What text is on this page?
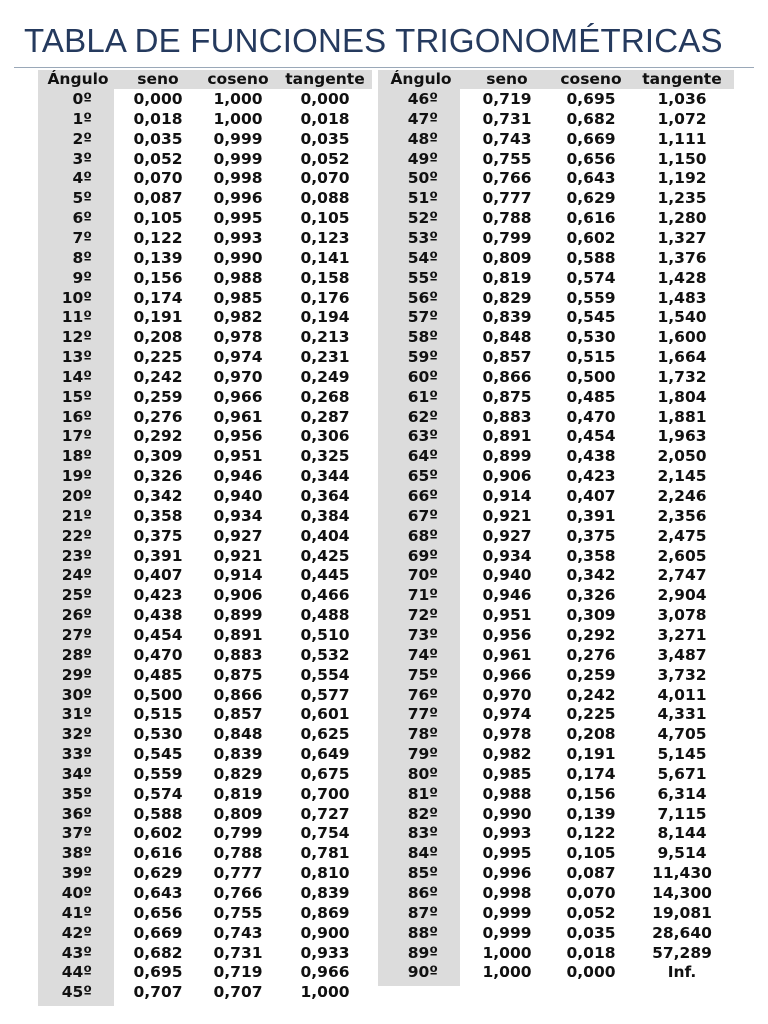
TABLA DE FUNCIONES TRIGONOMÉTRICAS
Ángulo	seno	coseno	tangente
0º	0,000	1,000	0,000
1º	0,018	1,000	0,018
2º	0,035	0,999	0,035
3º	0,052	0,999	0,052
4º	0,070	0,998	0,070
5º	0,087	0,996	0,088
6º	0,105	0,995	0,105
7º	0,122	0,993	0,123
8º	0,139	0,990	0,141
9º	0,156	0,988	0,158
10º	0,174	0,985	0,176
11º	0,191	0,982	0,194
12º	0,208	0,978	0,213
13º	0,225	0,974	0,231
14º	0,242	0,970	0,249
15º	0,259	0,966	0,268
16º	0,276	0,961	0,287
17º	0,292	0,956	0,306
18º	0,309	0,951	0,325
19º	0,326	0,946	0,344
20º	0,342	0,940	0,364
21º	0,358	0,934	0,384
22º	0,375	0,927	0,404
23º	0,391	0,921	0,425
24º	0,407	0,914	0,445
25º	0,423	0,906	0,466
26º	0,438	0,899	0,488
27º	0,454	0,891	0,510
28º	0,470	0,883	0,532
29º	0,485	0,875	0,554
30º	0,500	0,866	0,577
31º	0,515	0,857	0,601
32º	0,530	0,848	0,625
33º	0,545	0,839	0,649
34º	0,559	0,829	0,675
35º	0,574	0,819	0,700
36º	0,588	0,809	0,727
37º	0,602	0,799	0,754
38º	0,616	0,788	0,781
39º	0,629	0,777	0,810
40º	0,643	0,766	0,839
41º	0,656	0,755	0,869
42º	0,669	0,743	0,900
43º	0,682	0,731	0,933
44º	0,695	0,719	0,966
45º	0,707	0,707	1,000
Ángulo	seno	coseno	tangente
46º	0,719	0,695	1,036
47º	0,731	0,682	1,072
48º	0,743	0,669	1,111
49º	0,755	0,656	1,150
50º	0,766	0,643	1,192
51º	0,777	0,629	1,235
52º	0,788	0,616	1,280
53º	0,799	0,602	1,327
54º	0,809	0,588	1,376
55º	0,819	0,574	1,428
56º	0,829	0,559	1,483
57º	0,839	0,545	1,540
58º	0,848	0,530	1,600
59º	0,857	0,515	1,664
60º	0,866	0,500	1,732
61º	0,875	0,485	1,804
62º	0,883	0,470	1,881
63º	0,891	0,454	1,963
64º	0,899	0,438	2,050
65º	0,906	0,423	2,145
66º	0,914	0,407	2,246
67º	0,921	0,391	2,356
68º	0,927	0,375	2,475
69º	0,934	0,358	2,605
70º	0,940	0,342	2,747
71º	0,946	0,326	2,904
72º	0,951	0,309	3,078
73º	0,956	0,292	3,271
74º	0,961	0,276	3,487
75º	0,966	0,259	3,732
76º	0,970	0,242	4,011
77º	0,974	0,225	4,331
78º	0,978	0,208	4,705
79º	0,982	0,191	5,145
80º	0,985	0,174	5,671
81º	0,988	0,156	6,314
82º	0,990	0,139	7,115
83º	0,993	0,122	8,144
84º	0,995	0,105	9,514
85º	0,996	0,087	11,430
86º	0,998	0,070	14,300
87º	0,999	0,052	19,081
88º	0,999	0,035	28,640
89º	1,000	0,018	57,289
90º	1,000	0,000	Inf.
